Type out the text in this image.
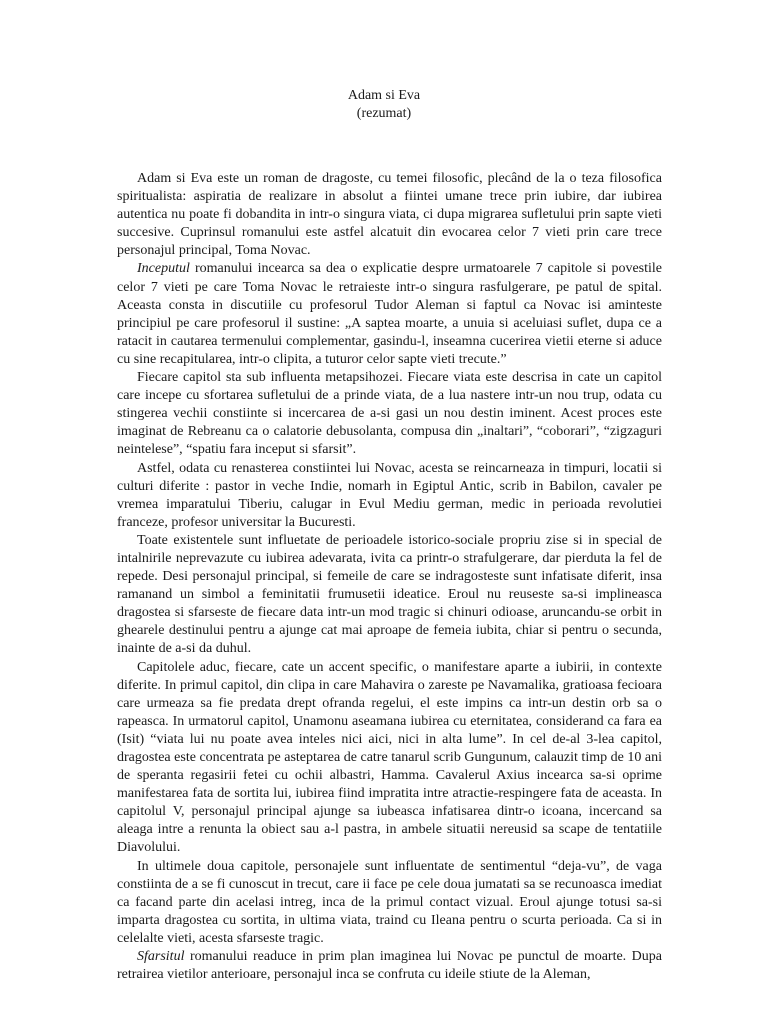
Adam si Eva
(rezumat)

Adam si Eva este un roman de dragoste, cu temei filosofic, plecând de la o teza filosofica spiritualista: aspiratia de realizare in absolut a fiintei umane trece prin iubire, dar iubirea autentica nu poate fi dobandita in intr-o singura viata, ci dupa migrarea sufletului prin sapte vieti succesive. Cuprinsul romanului este astfel alcatuit din evocarea celor 7 vieti prin care trece personajul principal, Toma Novac.

Inceputul romanului incearca sa dea o explicatie despre urmatoarele 7 capitole si povestile celor 7 vieti pe care Toma Novac le retraieste intr-o singura rasfulgerare, pe patul de spital. Aceasta consta in discutiile cu profesorul Tudor Aleman si faptul ca Novac isi aminteste principiul pe care profesorul il sustine: „A saptea moarte, a unuia si aceluiasi suflet, dupa ce a ratacit in cautarea termenului complementar, gasindu-l, inseamna cucerirea vietii eterne si aduce cu sine recapitularea, intr-o clipita, a tuturor celor sapte vieti trecute.”

Fiecare capitol sta sub influenta metapsihozei. Fiecare viata este descrisa in cate un capitol care incepe cu sfortarea sufletului de a prinde viata, de a lua nastere intr-un nou trup, odata cu stingerea vechii constiinte si incercarea de a-si gasi un nou destin iminent. Acest proces este imaginat de Rebreanu ca o calatorie debusolanta, compusa din „inaltari”, “coborari”, “zigzaguri neintelese”, “spatiu fara inceput si sfarsit”.

Astfel, odata cu renasterea constiintei lui Novac, acesta se reincarneaza in timpuri, locatii si culturi diferite : pastor in veche Indie, nomarh in Egiptul Antic, scrib in Babilon, cavaler pe vremea imparatului Tiberiu, calugar in Evul Mediu german, medic in perioada revolutiei franceze, profesor universitar la Bucuresti.

Toate existentele sunt influetate de perioadele istorico-sociale propriu zise si in special de intalnirile neprevazute cu iubirea adevarata, ivita ca printr-o strafulgerare, dar pierduta la fel de repede. Desi personajul principal, si femeile de care se indragosteste sunt infatisate diferit, insa ramanand un simbol a feminitatii frumusetii ideatice. Eroul nu reuseste sa-si implineasca dragostea si sfarseste de fiecare data intr-un mod tragic si chinuri odioase, aruncandu-se orbit in ghearele destinului pentru a ajunge cat mai aproape de femeia iubita, chiar si pentru o secunda, inainte de a-si da duhul.

Capitolele aduc, fiecare, cate un accent specific, o manifestare aparte a iubirii, in contexte diferite. In primul capitol, din clipa in care Mahavira o zareste pe Navamalika, gratioasa fecioara care urmeaza sa fie predata drept ofranda regelui, el este impins ca intr-un destin orb sa o rapeasca. In urmatorul capitol, Unamonu aseamana iubirea cu eternitatea, considerand ca fara ea (Isit) “viata lui nu poate avea inteles nici aici, nici in alta lume”. In cel de-al 3-lea capitol, dragostea este concentrata pe asteptarea de catre tanarul scrib Gungunum, calauzit timp de 10 ani de speranta regasirii fetei cu ochii albastri, Hamma. Cavalerul Axius incearca sa-si oprime manifestarea fata de sortita lui, iubirea fiind impratita intre atractie-respingere fata de aceasta. In capitolul V, personajul principal ajunge sa iubeasca infatisarea dintr-o icoana, incercand sa aleaga intre a renunta la obiect sau a-l pastra, in ambele situatii nereusid sa scape de tentatiile Diavolului.

In ultimele doua capitole, personajele sunt influentate de sentimentul “deja-vu”, de vaga constiinta de a se fi cunoscut in trecut, care ii face pe cele doua jumatati sa se recunoasca imediat ca facand parte din acelasi intreg, inca de la primul contact vizual. Eroul ajunge totusi sa-si imparta dragostea cu sortita, in ultima viata, traind cu Ileana pentru o scurta perioada. Ca si in celelalte vieti, acesta sfarseste tragic.

Sfarsitul romanului readuce in prim plan imaginea lui Novac pe punctul de moarte. Dupa retrairea vietilor anterioare, personajul inca se confruta cu ideile stiute de la Aleman,
